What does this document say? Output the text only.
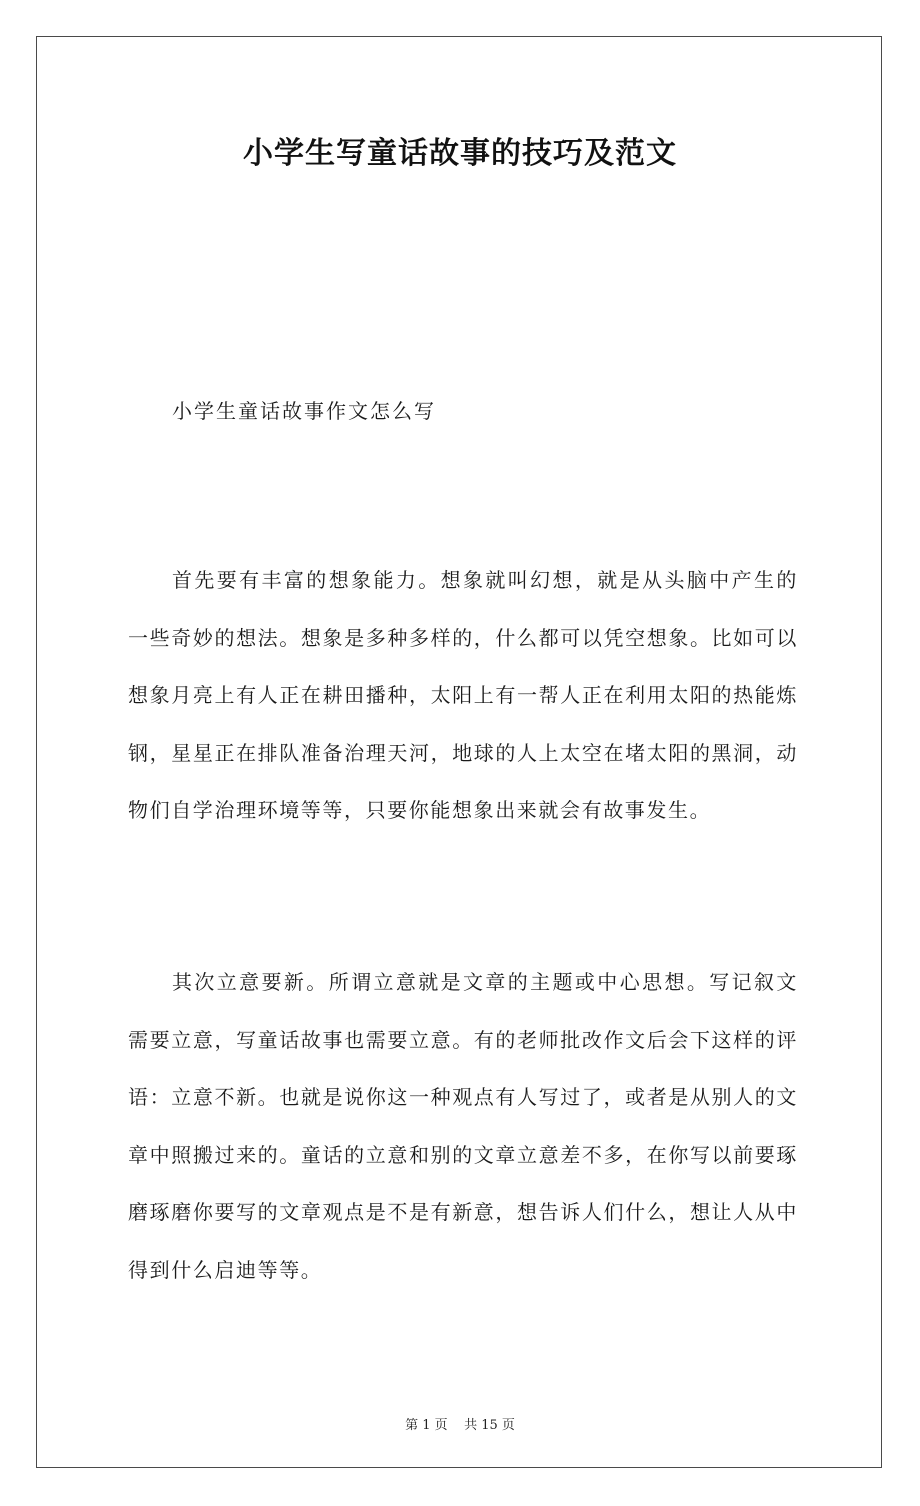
小学生写童话故事的技巧及范文

小学生童话故事作文怎么写

首先要有丰富的想象能力。想象就叫幻想，就是从头脑中产生的一些奇妙的想法。想象是多种多样的，什么都可以凭空想象。比如可以想象月亮上有人正在耕田播种，太阳上有一帮人正在利用太阳的热能炼钢，星星正在排队准备治理天河，地球的人上太空在堵太阳的黑洞，动物们自学治理环境等等，只要你能想象出来就会有故事发生。

其次立意要新。所谓立意就是文章的主题或中心思想。写记叙文需要立意，写童话故事也需要立意。有的老师批改作文后会下这样的评语：立意不新。也就是说你这一种观点有人写过了，或者是从别人的文章中照搬过来的。童话的立意和别的文章立意差不多，在你写以前要琢磨琢磨你要写的文章观点是不是有新意，想告诉人们什么，想让人从中得到什么启迪等等。

第 1 页    共 15 页
